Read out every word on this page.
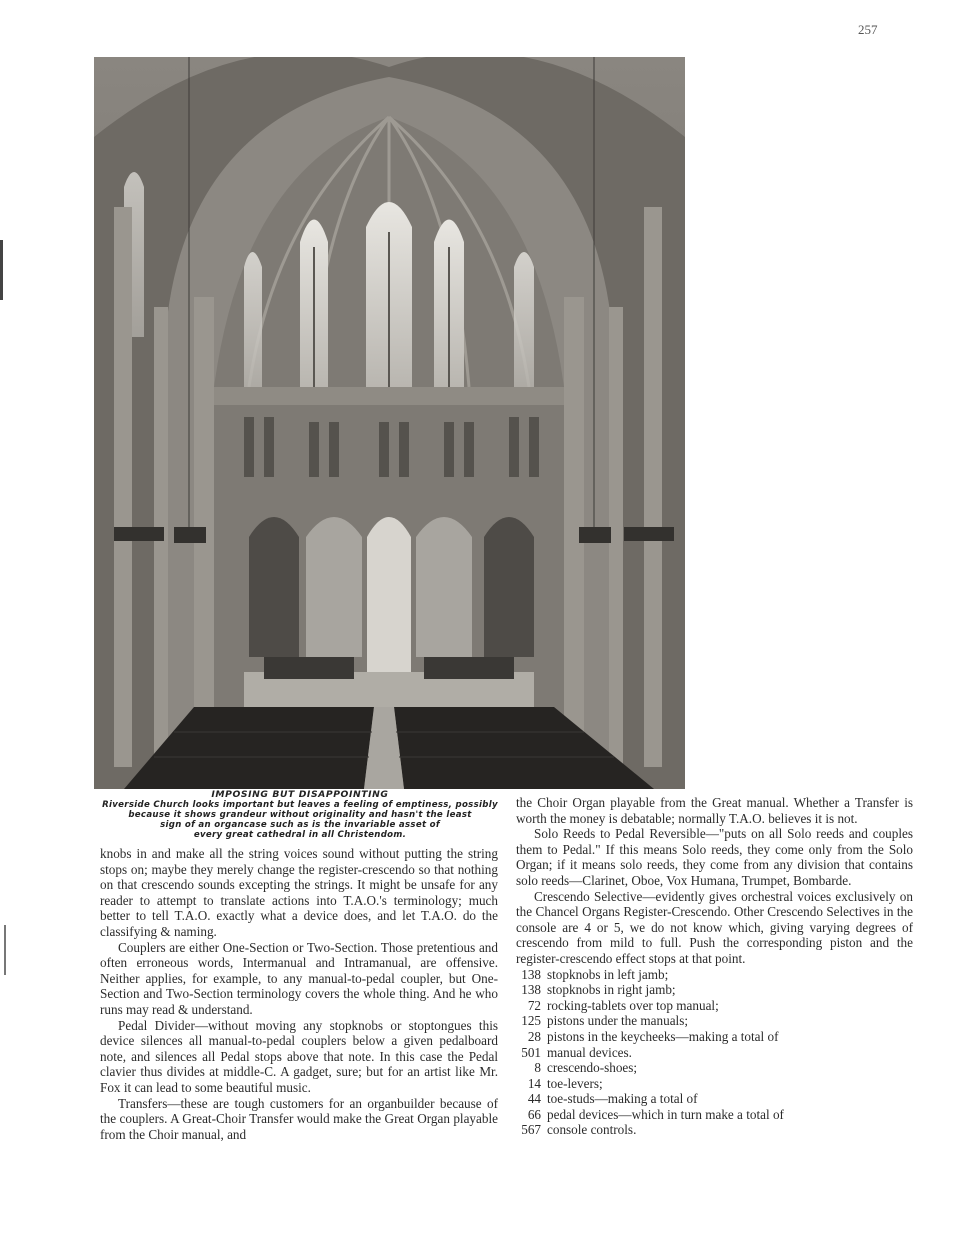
257
IMPOSING BUT DISAPPOINTING
Riverside Church looks important but leaves a feeling of emptiness, possibly
because it shows grandeur without originality and hasn't the least
sign of an organcase such as is the invariable asset of
every great cathedral in all Christendom.

knobs in and make all the string voices sound without putting the string stops on; maybe they merely change the register-crescendo so that nothing on that crescendo sounds excepting the strings. It might be unsafe for any reader to attempt to translate actions into T.A.O.'s terminology; much better to tell T.A.O. exactly what a device does, and let T.A.O. do the classifying & naming.

Couplers are either One-Section or Two-Section. Those pretentious and often erroneous words, Intermanual and Intramanual, are offensive. Neither applies, for example, to any manual-to-pedal coupler, but One-Section and Two-Section terminology covers the whole thing. And he who runs may read & understand.

Pedal Divider—without moving any stopknobs or stoptongues this device silences all manual-to-pedal couplers below a given pedalboard note, and silences all Pedal stops above that note. In this case the Pedal clavier thus divides at middle-C. A gadget, sure; but for an artist like Mr. Fox it can lead to some beautiful music.

Transfers—these are tough customers for an organbuilder because of the couplers. A Great-Choir Transfer would make the Great Organ playable from the Choir manual, and

the Choir Organ playable from the Great manual. Whether a Transfer is worth the money is debatable; normally T.A.O. believes it is not.

Solo Reeds to Pedal Reversible—"puts on all Solo reeds and couples them to Pedal." If this means Solo reeds, they come only from the Solo Organ; if it means solo reeds, they come from any division that contains solo reeds—Clarinet, Oboe, Vox Humana, Trumpet, Bombarde.

Crescendo Selective—evidently gives orchestral voices exclusively on the Chancel Organs Register-Crescendo. Other Crescendo Selectives in the console are 4 or 5, we do not know which, giving varying degrees of crescendo from mild to full. Push the corresponding piston and the register-crescendo effect stops at that point.

138 stopknobs in left jamb;
138 stopknobs in right jamb;
72 rocking-tablets over top manual;
125 pistons under the manuals;
28 pistons in the keycheeks—making a total of
501 manual devices.
8 crescendo-shoes;
14 toe-levers;
44 toe-studs—making a total of
66 pedal devices—which in turn make a total of
567 console controls.
